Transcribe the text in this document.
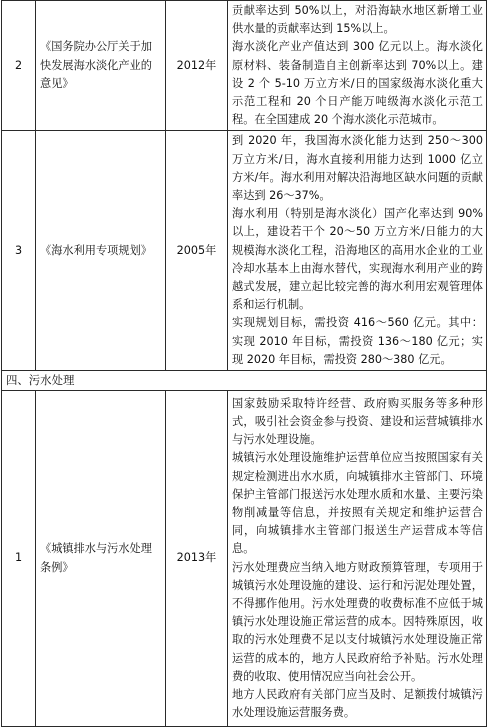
2	《国务院办公厅关于加快发展海水淡化产业的意见》	2012年	贡献率达到 50%以上，对沿海缺水地区新增工业供水量的贡献率达到 15%以上。

海水淡化产业产值达到 300 亿元以上。海水淡化原材料、装备制造自主创新率达到 70%以上。建设 2 个 5-10 万立方米/日的国家级海水淡化重大示范工程和 20 个日产能万吨级海水淡化示范工程。在全国建成 20 个海水淡化示范城市。

3	《海水利用专项规划》	2005年	到 2020 年，我国海水淡化能力达到 250～300 万立方米/日，海水直接利用能力达到 1000 亿立方米/年。海水利用对解决沿海地区缺水问题的贡献率达到 26～37%。

海水利用（特别是海水淡化）国产化率达到 90%以上，建设若干个 20～50 万立方米/日能力的大规模海水淡化工程，沿海地区的高用水企业的工业冷却水基本上由海水替代，实现海水利用产业的跨越式发展，建立起比较完善的海水利用宏观管理体系和运行机制。

实现规划目标，需投资 416～560 亿元。其中：实现 2010 年目标，需投资 136～180 亿元；实现 2020 年目标，需投资 280～380 亿元。

四、污水处理			
1	《城镇排水与污水处理条例》	2013年	国家鼓励采取特许经营、政府购买服务等多种形式，吸引社会资金参与投资、建设和运营城镇排水与污水处理设施。

城镇污水处理设施维护运营单位应当按照国家有关规定检测进出水水质，向城镇排水主管部门、环境保护主管部门报送污水处理水质和水量、主要污染物削减量等信息，并按照有关规定和维护运营合同，向城镇排水主管部门报送生产运营成本等信息。

污水处理费应当纳入地方财政预算管理，专项用于城镇污水处理设施的建设、运行和污泥处理处置，不得挪作他用。污水处理费的收费标准不应低于城镇污水处理设施正常运营的成本。因特殊原因，收取的污水处理费不足以支付城镇污水处理设施正常运营的成本的，地方人民政府给予补贴。污水处理费的收取、使用情况应当向社会公开。

地方人民政府有关部门应当及时、足额拨付城镇污水处理设施运营服务费。
